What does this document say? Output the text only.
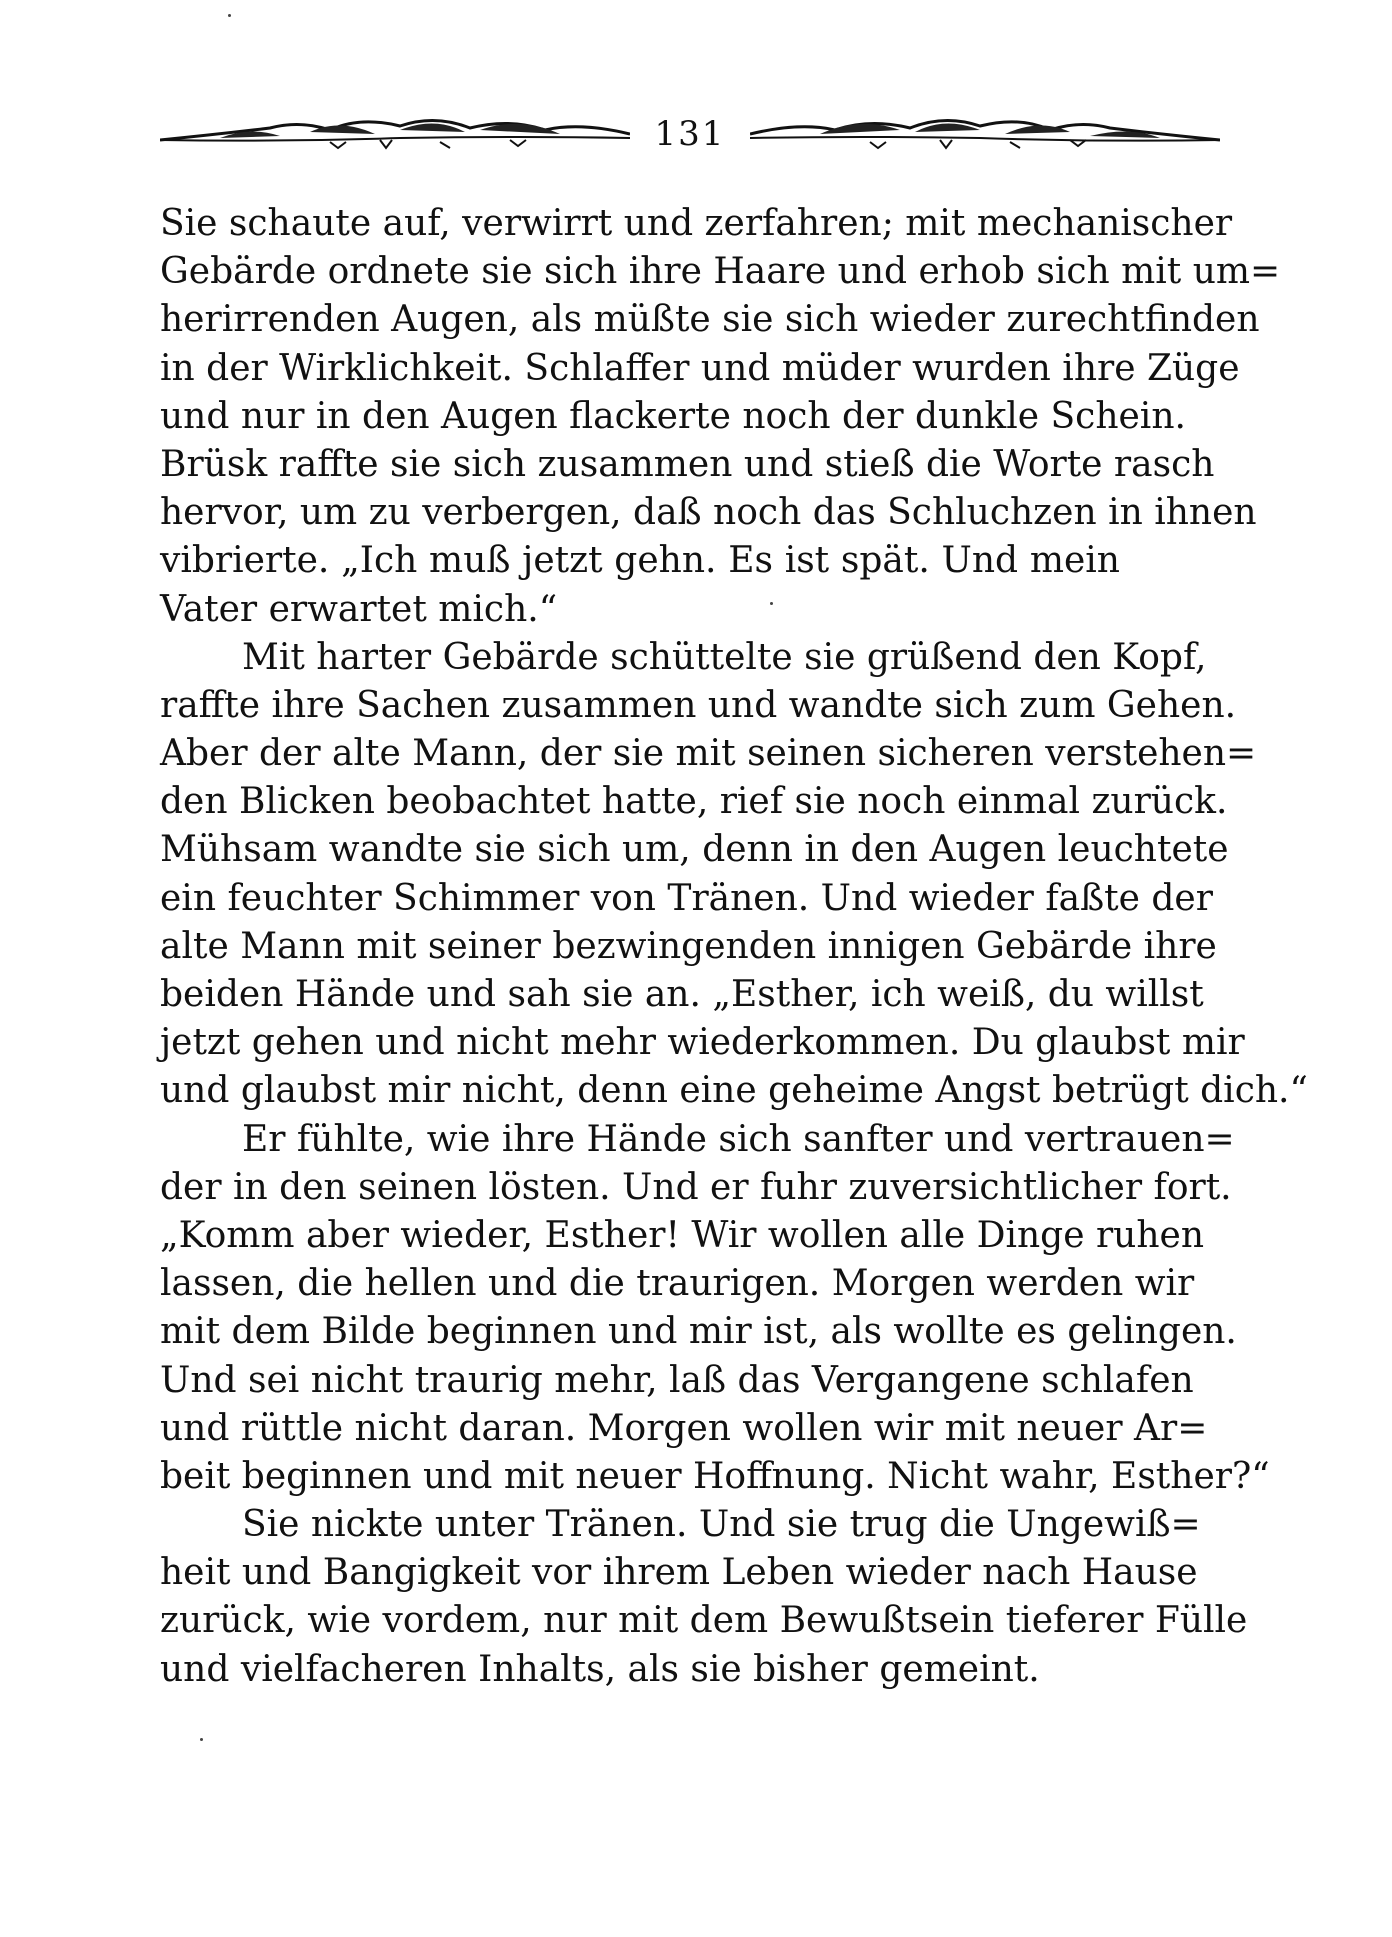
131
Sie schaute auf, verwirrt und zerfahren; mit mechanischer
Gebärde ordnete sie sich ihre Haare und erhob sich mit um=
herirrenden Augen, als müßte sie sich wieder zurechtfinden
in der Wirklichkeit. Schlaffer und müder wurden ihre Züge
und nur in den Augen flackerte noch der dunkle Schein.
Brüsk raffte sie sich zusammen und stieß die Worte rasch
hervor, um zu verbergen, daß noch das Schluchzen in ihnen
vibrierte. „Ich muß jetzt gehn. Es ist spät. Und mein
Vater erwartet mich.“
Mit harter Gebärde schüttelte sie grüßend den Kopf,
raffte ihre Sachen zusammen und wandte sich zum Gehen.
Aber der alte Mann, der sie mit seinen sicheren verstehen=
den Blicken beobachtet hatte, rief sie noch einmal zurück.
Mühsam wandte sie sich um, denn in den Augen leuchtete
ein feuchter Schimmer von Tränen. Und wieder faßte der
alte Mann mit seiner bezwingenden innigen Gebärde ihre
beiden Hände und sah sie an. „Esther, ich weiß, du willst
jetzt gehen und nicht mehr wiederkommen. Du glaubst mir
und glaubst mir nicht, denn eine geheime Angst betrügt dich.“
Er fühlte, wie ihre Hände sich sanfter und vertrauen=
der in den seinen lösten. Und er fuhr zuversichtlicher fort.
„Komm aber wieder, Esther! Wir wollen alle Dinge ruhen
lassen, die hellen und die traurigen. Morgen werden wir
mit dem Bilde beginnen und mir ist, als wollte es gelingen.
Und sei nicht traurig mehr, laß das Vergangene schlafen
und rüttle nicht daran. Morgen wollen wir mit neuer Ar=
beit beginnen und mit neuer Hoffnung. Nicht wahr, Esther?“
Sie nickte unter Tränen. Und sie trug die Ungewiß=
heit und Bangigkeit vor ihrem Leben wieder nach Hause
zurück, wie vordem, nur mit dem Bewußtsein tieferer Fülle
und vielfacheren Inhalts, als sie bisher gemeint.
